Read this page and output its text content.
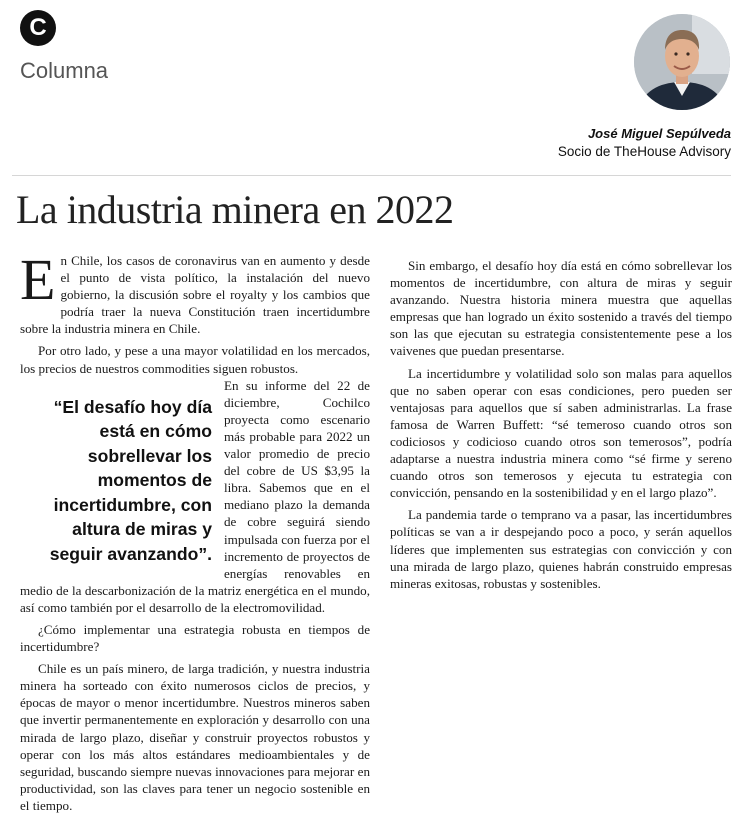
C
Columna
José Miguel Sepúlveda
Socio de TheHouse Advisory
La industria minera en 2022

En Chile, los casos de coronavirus van en aumento y desde el punto de vista político, la instalación del nuevo gobierno, la discusión sobre el royalty y los cambios que podría traer la nueva Constitución traen incertidumbre sobre la industria minera en Chile.

Por otro lado, y pese a una mayor volatilidad en los mercados, los precios de nuestros commodities siguen robustos.

“El desafío hoy día está en cómo sobrellevar los momentos de incertidumbre, con altura de miras y seguir avanzando”.
En su informe del 22 de diciembre, Cochilco proyecta como escenario más probable para 2022 un valor promedio de precio del cobre de US $3,95 la libra. Sabemos que en el mediano plazo la demanda de cobre seguirá siendo impulsada con fuerza por el incremento de proyectos de energías renovables en medio de la descarbonización de la matriz energética en el mundo, así como también por el desarrollo de la electromovilidad.

¿Cómo implementar una estrategia robusta en tiempos de incertidumbre?

Chile es un país minero, de larga tradición, y nuestra industria minera ha sorteado con éxito numerosos ciclos de precios, y épocas de mayor o menor incertidumbre. Nuestros mineros saben que invertir permanentemente en exploración y desarrollo con una mirada de largo plazo, diseñar y construir proyectos robustos y operar con los más altos estándares medioambientales y de seguridad, buscando siempre nuevas innovaciones para mejorar en productividad, son las claves para tener un negocio sostenible en el tiempo.

Sin embargo, el desafío hoy día está en cómo sobrellevar los momentos de incertidumbre, con altura de miras y seguir avanzando. Nuestra historia minera muestra que aquellas empresas que han logrado un éxito sostenido a través del tiempo son las que ejecutan su estrategia consistentemente pese a los vaivenes que puedan presentarse.

La incertidumbre y volatilidad solo son malas para aquellos que no saben operar con esas condiciones, pero pueden ser ventajosas para aquellos que sí saben administrarlas. La frase famosa de Warren Buffett: “sé temeroso cuando otros son codiciosos y codicioso cuando otros son temerosos”, podría adaptarse a nuestra industria minera como “sé firme y sereno cuando otros son temerosos y ejecuta tu estrategia con convicción, pensando en la sostenibilidad y en el largo plazo”.

La pandemia tarde o temprano va a pasar, las incertidumbres políticas se van a ir despejando poco a poco, y serán aquellos líderes que implementen sus estrategias con convicción y con una mirada de largo plazo, quienes habrán construido empresas mineras exitosas, robustas y sostenibles.
